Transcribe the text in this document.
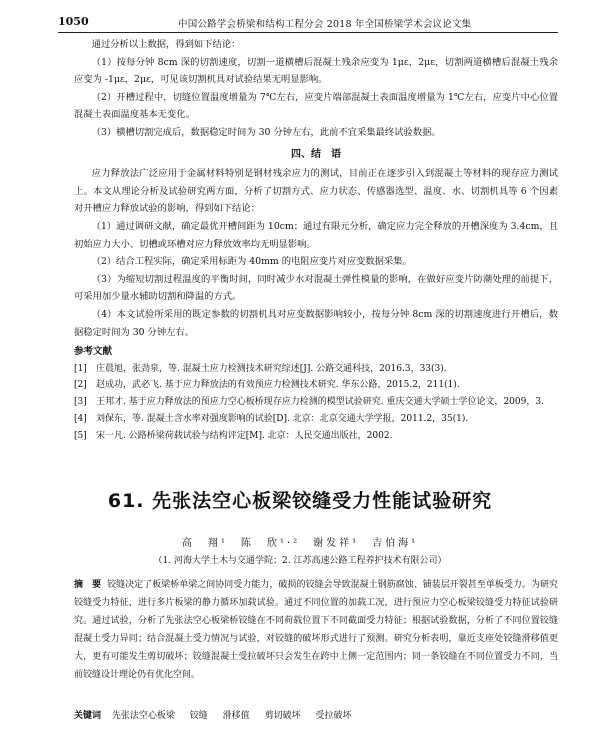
1050	中国公路学会桥梁和结构工程分会 2018 年全国桥梁学术会议论文集

通过分析以上数据，得到如下结论：

（1）按每分钟 8cm 深的切割速度，切割一道横槽后混凝土残余应变为 1με，2με，切割两道横槽后混凝土残余应变为 -1με，2με，可见该切割机具对试验结果无明显影响。

（2）开槽过程中，切缝位置温度增量为 7℃左右，应变片端部混凝土表面温度增量为 1℃左右，应变片中心位置混凝土表面温度基本无变化。

（3）横槽切割完成后，数据稳定时间为 30 分钟左右，此前不宜采集最终试验数据。

四、结　语

应力释放法广泛应用于金属材料特别是钢材残余应力的测试，目前正在逐步引入到混凝土等材料的现存应力测试上。本文从理论分析及试验研究两方面，分析了切割方式、应力状态、传感器选型、温度、水、切割机具等 6 个因素对开槽应力释放试验的影响，得到如下结论：

（1）通过调研文献，确定最优开槽间距为 10cm；通过有限元分析，确定应力完全释放的开槽深度为 3.4cm，且初始应力大小、切槽或环槽对应力释放效率均无明显影响。

（2）结合工程实际，确定采用标距为 40mm 的电阻应变片对应变数据采集。

（3）为缩短切割过程温度的平衡时间，同时减少水对混凝土弹性模量的影响，在做好应变片防潮处理的前提下，可采用加少量水辅助切割和降温的方式。

（4）本文试验所采用的既定参数的切割机具对应变数据影响较小，按每分钟 8cm 深的切割速度进行开槽后，数据稳定时间为 30 分钟左右。

参考文献
[1] 庄晨旭，张劲泉，等. 混凝土应力检测技术研究综述[J]. 公路交通科技，2016.3，33(3).
[2] 赵成功，武必飞. 基于应力释放法的有效预应力检测技术研究. 华东公路，2015.2，211(1).
[3] 王邦才. 基于应力释放法的预应力空心板桥现存应力检测的模型试验研究. 重庆交通大学硕士学位论文，2009，3.
[4] 刘保东，等. 混凝土含水率对强度影响的试验[D]. 北京：北京交通大学学报，2011.2，35(1).
[5] 宋一凡. 公路桥梁荷载试验与结构评定[M]. 北京：人民交通出版社，2002.
61. 先张法空心板梁铰缝受力性能试验研究
高　翔¹　陈　欣¹·²　谢发祥¹　吉伯海¹
（1. 河海大学土木与交通学院；2. 江苏高速公路工程养护技术有限公司）
摘　要 铰缝决定了板梁桥单梁之间协同受力能力，破损的铰缝会导致混凝土钢筋腐蚀、铺装层开裂甚至单板受力。为研究铰缝受力特征，进行多片板梁的静力循环加载试验。通过不同位置的加载工况，进行预应力空心板梁铰缝受力特征试验研究。通过试验，分析了先张法空心板梁桥铰缝在不同荷载位置下不同截面受力特征；根据试验数据，分析了不同位置铰缝混凝土受力异同；结合混凝土受力情况与试验，对铰缝的破坏形式进行了预测。研究分析表明，靠近支座处铰缝滑移值更大，更有可能发生剪切破坏；铰缝混凝土受拉破坏只会发生在跨中上侧一定范围内；同一条铰缝在不同位置受力不同，当前铰缝设计理论仍有优化空间。
关键词 先张法空心板梁 铰缝 滑移值 剪切破坏 受拉破坏
